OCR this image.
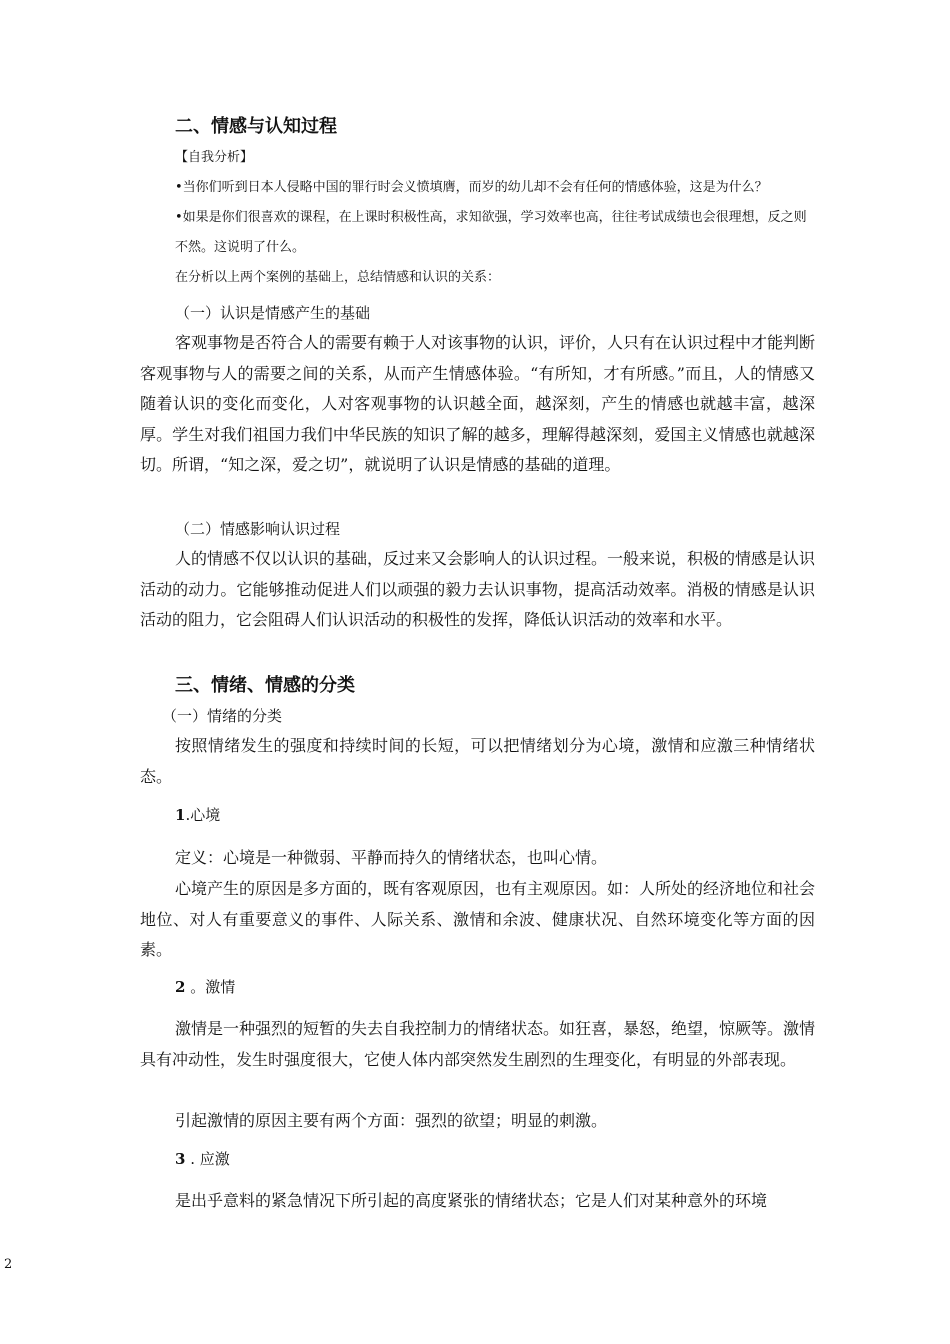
二、情感与认知过程
【自我分析】
•当你们听到日本人侵略中国的罪行时会义愤填膺，而岁的幼儿却不会有任何的情感体验，这是为什么？
•如果是你们很喜欢的课程，在上课时积极性高，求知欲强，学习效率也高，往往考试成绩也会很理想，反之则不然。这说明了什么。
在分析以上两个案例的基础上，总结情感和认识的关系：
（一）认识是情感产生的基础

客观事物是否符合人的需要有赖于人对该事物的认识，评价，人只有在认识过程中才能判断客观事物与人的需要之间的关系，从而产生情感体验。“有所知，才有所感。”而且，人的情感又随着认识的变化而变化，人对客观事物的认识越全面，越深刻，产生的情感也就越丰富，越深厚。学生对我们祖国力我们中华民族的知识了解的越多，理解得越深刻，爱国主义情感也就越深切。所谓，“知之深，爱之切”，就说明了认识是情感的基础的道理。

（二）情感影响认识过程

人的情感不仅以认识的基础，反过来又会影响人的认识过程。一般来说，积极的情感是认识活动的动力。它能够推动促进人们以顽强的毅力去认识事物，提高活动效率。消极的情感是认识活动的阻力，它会阻碍人们认识活动的积极性的发挥，降低认识活动的效率和水平。

三、情绪、情感的分类
（一）情绪的分类

按照情绪发生的强度和持续时间的长短，可以把情绪划分为心境，激情和应激三种情绪状态。

1.心境

定义：心境是一种微弱、平静而持久的情绪状态，也叫心情。

心境产生的原因是多方面的，既有客观原因，也有主观原因。如：人所处的经济地位和社会地位、对人有重要意义的事件、人际关系、激情和余波、健康状况、自然环境变化等方面的因素。

2 。激情

激情是一种强烈的短暂的失去自我控制力的情绪状态。如狂喜，暴怒，绝望，惊厥等。激情具有冲动性，发生时强度很大，它使人体内部突然发生剧烈的生理变化，有明显的外部表现。

引起激情的原因主要有两个方面：强烈的欲望；明显的刺激。

3 . 应激

是出乎意料的紧急情况下所引起的高度紧张的情绪状态；它是人们对某种意外的环境

2
